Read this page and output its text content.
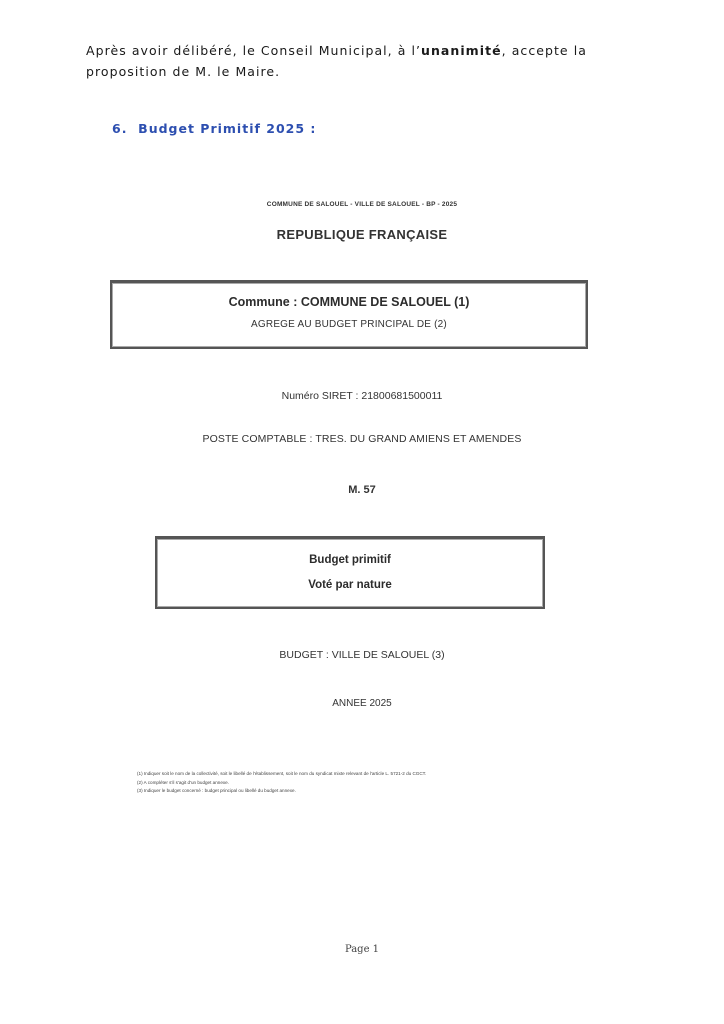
Après avoir délibéré, le Conseil Municipal, à l’unanimité, accepte la proposition de M. le Maire.
6. Budget Primitif 2025 :
COMMUNE DE SALOUEL - VILLE DE SALOUEL - BP - 2025
REPUBLIQUE FRANÇAISE
Commune : COMMUNE DE SALOUEL (1)
AGREGE AU BUDGET PRINCIPAL DE (2)
Numéro SIRET : 21800681500011
POSTE COMPTABLE : TRES. DU GRAND AMIENS ET AMENDES
M. 57
Budget primitif
Voté par nature
BUDGET : VILLE DE SALOUEL (3)
ANNEE 2025
(1) Indiquer soit le nom de la collectivité, soit le libellé de l'établissement, soit le nom du syndicat mixte relevant de l'article L. 5721-2 du CGCT.
(2) A compléter s'il s'agit d'un budget annexe.
(3) Indiquer le budget concerné : budget principal ou libellé du budget annexe.
Page 1
